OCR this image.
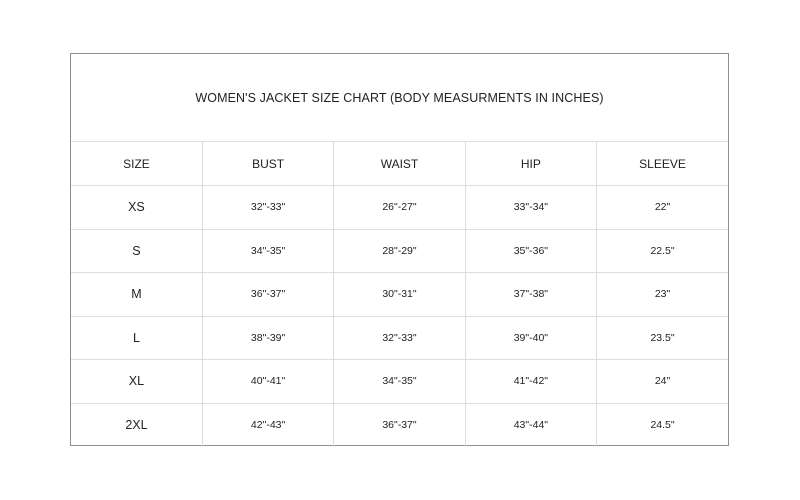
WOMEN'S JACKET SIZE CHART (BODY MEASURMENTS IN INCHES)
SIZE	BUST	WAIST	HIP	SLEEVE
XS	32"-33"	26"-27"	33"-34"	22"
S	34"-35"	28"-29"	35"-36"	22.5"
M	36"-37"	30"-31"	37"-38"	23"
L	38"-39"	32"-33"	39"-40"	23.5"
XL	40"-41"	34"-35"	41"-42"	24"
2XL	42"-43"	36"-37"	43"-44"	24.5"
